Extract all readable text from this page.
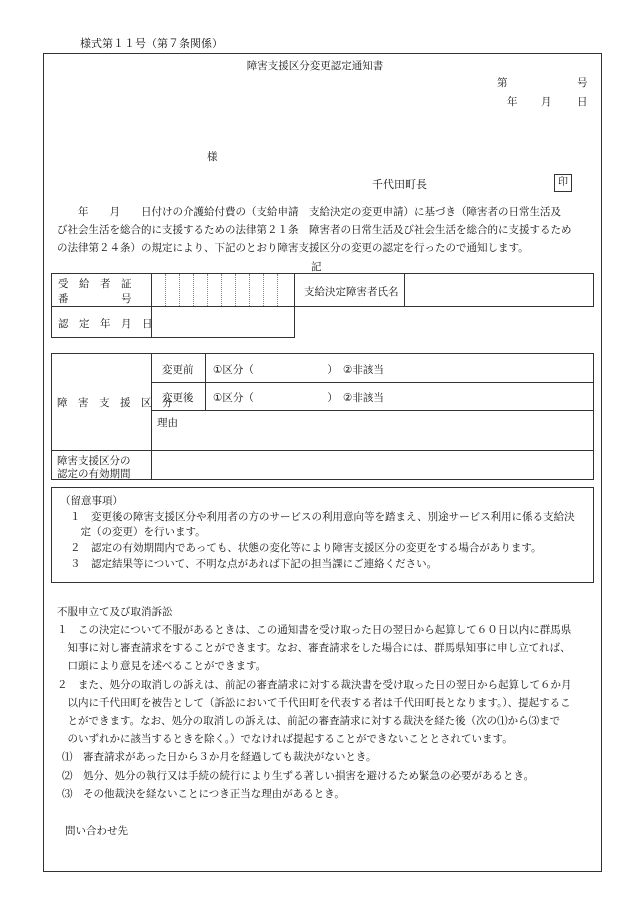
様式第１１号（第７条関係）
障害支援区分変更認定通知書
第	号
年 月 日
様
千代田町長	印
　　年　　月　　日付けの介護給付費の（支給申請　支給決定の変更申請）に基づき（障害者の日常生活及
び社会生活を総合的に支援するための法律第２１条　障害者の日常生活及び社会生活を総合的に支援するため
の法律第２４条）の規定により、下記のとおり障害支援区分の変更の認定を行ったので通知します。
記
受　給　者　証
番　　　　　号
支給決定障害者氏名
認　定　年　月　日
障　害　支　援　区　分
変更前
変更後
①区分（　　　　　　　） ②非該当
①区分（　　　　　　　） ②非該当
理由
障害支援区分の
認定の有効期間
（留意事項）
１　変更後の障害支援区分や利用者の方のサービスの利用意向等を踏まえ、別途サービス利用に係る支給決
　定（の変更）を行います。
２　認定の有効期間内であっても、状態の変化等により障害支援区分の変更をする場合があります。
３　認定結果等について、不明な点があれば下記の担当課にご連絡ください。
不服申立て及び取消訴訟
１　この決定について不服があるときは、この通知書を受け取った日の翌日から起算して６０日以内に群馬県
　知事に対し審査請求をすることができます。なお、審査請求をした場合には、群馬県知事に申し立てれば、
　口頭により意見を述べることができます。
２　また、処分の取消しの訴えは、前記の審査請求に対する裁決書を受け取った日の翌日から起算して６か月
　以内に千代田町を被告として（訴訟において千代田町を代表する者は千代田町長となります。）、提起するこ
　とができます。なお、処分の取消しの訴えは、前記の審査請求に対する裁決を経た後（次の⑴から⑶まで
　のいずれかに該当するときを除く。）でなければ提起することができないこととされています。
⑴　審査請求があった日から３か月を経過しても裁決がないとき。
⑵　処分、処分の執行又は手続の続行により生ずる著しい損害を避けるため緊急の必要があるとき。
⑶　その他裁決を経ないことにつき正当な理由があるとき。
問い合わせ先
